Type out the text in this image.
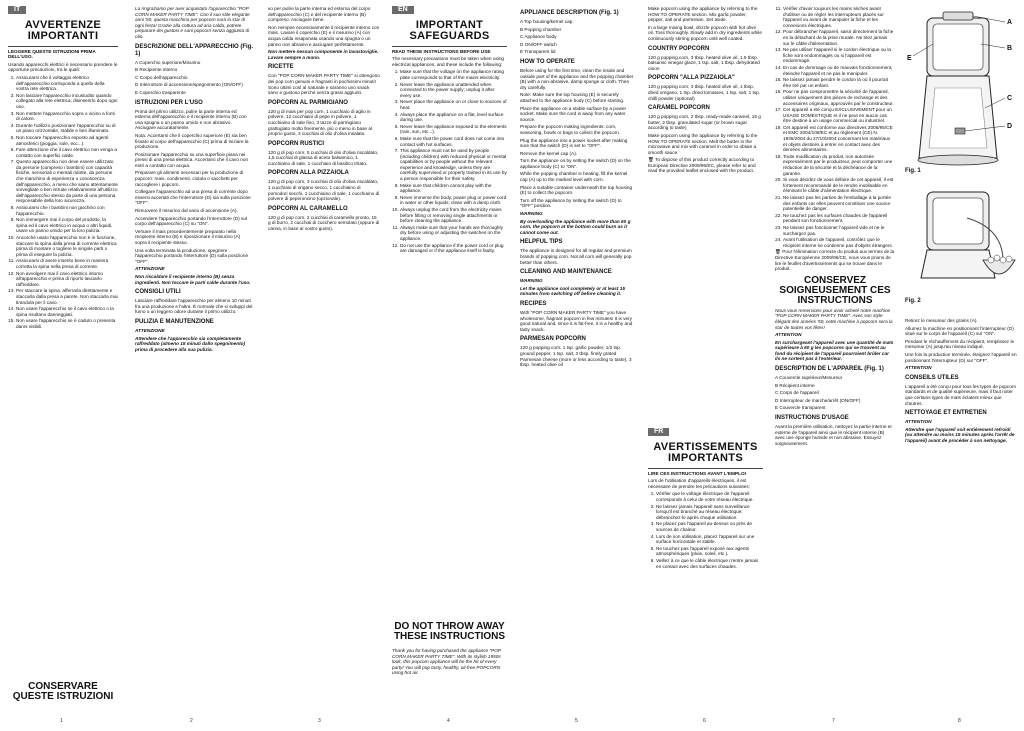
IT
AVVERTENZE IMPORTANTI

LEGGERE QUESTE ISTRUZIONI PRIMA DELL'USO.

Usando apparecchi elettrici è necessario prendere le opportune precauzioni, tra le quali:

1. Assicurarsi che il voltaggio elettrico dell'apparecchio corrisponda a quello della vostra rete elettrica.
2. Non lasciare l'apparecchio incustodito quando collegato alla rete elettrica; disinserirlo dopo ogni uso.
3. Non mettere l'apparecchio sopra o vicino a fonti di calore.
4. Durante l'utilizzo posizionare l'apparecchio su di un piano orizzontale, stabile e ben illuminato.
5. Non toccare l'apparecchio esposto ad agenti atmosferici (pioggia, sole, ecc...).
6. Fare attenzione che il cavo elettrico non venga a contatto con superfici calde.
7. Questo apparecchio non deve essere utilizzato da persone (compreso i bambini) con capacità fisiche, sensoriali o mentali ridotte, da persone che manchino di esperienza o conoscenza dell'apparecchio, a meno che siano attentamente sorvegliate o ben istruite relativamente all'utilizzo dell'apparecchio stesso da parte di una persona responsabile della loro sicurezza.
8. Assicurarsi che i bambini non giochino con l'apparecchio.
9. Non immergere mai il corpo del prodotto, la spina ed il cavo elettrico in acqua o altri liquidi, usare un panno umido per la loro pulizia.
10. Ancorché usato l'apparecchio non è in funzione, staccare la spina dalla presa di corrente elettrica prima di montare o togliere le singole parti o prima di eseguire la pulizia.
11. Assicurarsi di avere inserito bene in maniera corretta la spina nella presa di corrente.
12. Non avvolgere mai il cavo elettrico intorno all'apparecchio e prima di riporlo lasciarlo raffreddare.
13. Per staccare la spina, afferrarla direttamente e staccarla dalla presa a parete. Non staccarla mai tirandola per il cavo.
14. Non usare l'apparecchio se il cavo elettrico o la spina risultano danneggiati.
15. Non usare l'apparecchio se è caduto o presenta danni visibili.
CONSERVARE QUESTE ISTRUZIONI
1

La ringraziamo per aver acquistato l'apparecchio "POP CORN MAKER PARTY TIME". Con il suo stile elegante anni '50, questa macchina per popcorn sarà la star di ogni festa! Grazie alla cottura ad aria calda, potrete preparare dei gustosi e sani popcorn senza aggiunta di olio.

DESCRIZIONE DELL'APPARECCHIO (Fig. 1)
A Coperchio superiore/Misurino
B Recipiente interno
C Corpo dell'apparecchio
D Interruttore di accensione/spegnimento (ON/OFF)
E Coperchio trasparente
ISTRUZIONI PER L'USO

Prima del primo utilizzo, pulire la parte interna ed esterna dell'apparecchio e il recipiente interno (B) con una spugna o un panno umido e non abrasivo. Asciugare accuratamente.

Nota: Accertarsi che il coperchio superiore (E) sia ben fissato al corpo dell'apparecchio (C) prima di iniziare la produzione.

Posizionare l'apparecchio su una superficie piana nei pressi di una presa elettrica. Accertarsi che il cavo non entri a contatto con acqua.

Preparare gli alimenti necessari per la produzione di popcorn: mais, condimenti, ciotola o sacchetti per raccogliere i popcorn.

Collegare l'apparecchio ad una presa di corrente dopo essersi accertati che l'interruttore (D) sia sulla posizione "OFF".

Rimuovere il misurino dal vano di accensione (A).

Accendere l'apparecchio portando l'interruttore (D) sul corpo dell'apparecchio (C) su "ON".

Versare il mais precedentemente preparato nella recipiente interno (B) e riposizionare il misurino (A) sopra il recipiente stesso.

Una volta terminata la produzione, spegnere l'apparecchio portando l'interruttore (D) sulla posizione "OFF".

ATTENZIONE

Non riscaldare il recipiente interno (B) senza ingredienti. Non toccare le parti calde durante l'uso.

CONSIGLI UTILI

Lasciare raffreddare l'apparecchio per almeno 10 minuti fra una produzione e l'altra. È normale che si sviluppi del fumo o un leggero odore durante il primo utilizzo.

PULIZIA E MANUTENZIONE

ATTENZIONE

Attendere che l'apparecchio sia completamente raffreddato (almeno 15 minuti dallo spegnimento) prima di procedere alla sua pulizia.

2

vo per pulire la parte interna ed esterna del corpo dell'apparecchio (C) e del recipiente interno (B) compreso. Asciugare bene.

Non riempire eccessivamente il recipiente interno con mais. Lavare il coperchio (E) e il misurino (A) con acqua calda insaponata usando una spugna o un panno non abrasivi e asciugare perfettamente.

Non mettere nessun componente in lavastoviglie. Lavare sempre a mano.

RICETTE

Con "POP CORN MAKER PARTY TIME" si ottengono dei pop corn genuini e fragranti in pochissimi minuti! Sono ottimi così al naturale e saranno uno snack sano e gustoso perché senza grassi aggiunti.

POPCORN AL PARMIGIANO

120 g di mais per pop corn, 1 cucchiaio di aglio in polvere, 12 cucchiaini di pepe in polvere, 1 cucchiaino di sale fino, 3 tazze di parmigiano grattugiato molto finemente, più o meno in base al proprio gusto, 3 cucchiai di olio d'oliva insalato.

POPCORN RUSTICI

120 g di pop corn, 5 cucchiai di olio d'oliva riscaldato, 1,5 cucchiai di glassa di aceto balsamico, 1 cucchiaino di sale, 1 cucchiaio di basilico tritato.

POPCORN ALLA PIZZAIOLA

120 g di pop corn, 3 cucchiai di olio d'oliva riscaldato, 1 cucchiaio di origano secco, 1 cucchiaino di pomodori secchi, 1 cucchiaino di sale, 1 cucchiaino di polvere di peperoncino (opzionale).

POPCORN AL CARAMELLO

120 g di pop corn, 2 cucchiai di caramello pronto, 15 g di burro, 2 cucchiai di zucchero semolato (oppure di canna, in base al vostro gusto).

3
EN
IMPORTANT SAFEGUARDS

READ THESE INSTRUCTIONS BEFORE USE

The necessary precautions must be taken when using electrical appliances, and these include the following:

1. Make sure that the voltage on the appliance rating plate corresponds to that of the mains electricity.
2. Never leave the appliance unattended when connected to the power supply; unplug it after every use.
3. Never place the appliance on or close to sources of heat.
4. Always place the appliance on a flat, level surface during use.
5. Never leave the appliance exposed to the elements (rain, sun, etc...).
6. Make sure that the power cord does not come into contact with hot surfaces.
7. This appliance must not be used by people (including children) with reduced physical or mental capabilities or by people without the relevant experience and knowledge, unless they are carefully supervised or properly trained in its use by a person responsible for their safety.
8. Make sure that children cannot play with the appliance.
9. Never immerse the body, power plug or power cord in water or other liquids; clean with a damp cloth.
10. Always unplug the cord from the electricity mains before fitting or removing single attachments or before cleaning the appliance.
11. Always make sure that your hands are thoroughly dry before using or adjusting the switches on the appliance.
12. Do not use the appliance if the power cord or plug are damaged or if the appliance itself is faulty.
DO NOT THROW AWAY THESE INSTRUCTIONS

Thank you for having purchased the appliance "POP CORN MAKER PARTY TIME". With its stylish 1950s look, this popcorn appliance will be the hit of every party! You will pop tasty, healthy, oil-free POPCORN using hot air.

4
APPLIANCE DESCRIPTION (Fig. 1)
A Top housing/kernel cap
B Popping chamber
C Appliance body
D ON/OFF switch
E Transparent lid
HOW TO OPERATE

Before using for the first time, clean the inside and outside part of the appliance and the popping chamber (B) with a non-abrasive, damp sponge or cloth. Then dry carefully.

Note: Make sure the top housing (E) is securely attached to the appliance body (C) before starting.

Place the appliance on a stable surface by a power socket. Make sure the cord is away from any water source.

Prepare the popcorn making ingredients: corn, seasoning, bowls or bags to collect the popcorn.

Plug the appliance into a power socket after making sure that the switch (D) is set to "OFF".

Remove the kernel cap (A).

Turn the appliance on by setting the switch (D) on the appliance body (C) to "ON".

While the popping chamber is heating, fill the kernel cap (A) up to the marked level with corn.

Place a suitable container underneath the top housing (E) to collect the popcorn.

Turn off the appliance by setting the switch (D) to "OFF" position.

WARNING

By overloading the appliance with more than 60 g corn, the popcorn at the bottom could burn as it cannot come out.

HELPFUL TIPS

The appliance is designed for all regular and premium brands of popping corn. Not all corn will generally pop better than others.

CLEANING AND MAINTENANCE

WARNING

Let the appliance cool completely or at least 15 minutes from switching off before cleaning it.

RECIPES

With "POP CORN MAKER PARTY TIME" you have wholesome, fragrant popcorn in few minutes! It is very good natural and, since it is fat-free, it is a healthy and tasty snack.

PARMESAN POPCORN

120 g popping corn, 1 tsp. garlic powder, 1/2 tsp. ground pepper, 1 tsp. salt, 3 tbsp. finely grated Parmesan cheese (more or less according to taste), 3 tbsp. heated olive oil

5

Make popcorn using the appliance by referring to the HOW TO OPERATE section. Mix garlic powder, pepper, salt and parmesan. Set aside.

In a large mixing bowl, drizzle popcorn with hot olive oil. Toss thoroughly. Slowly add in dry ingredients while continuously stirring popcorn until well coated.

COUNTRY POPCORN

120 g popping corn, 3 tbsp. heated olive oil, 1.5 tbsp. balsamic vinegar glaze, 1 tsp. salt, 1 tbsp. dehydrated onion

POPCORN "ALLA PIZZAIOLA"

120 g popping corn, 3 tbsp. heated olive oil, 1 tbsp. dried oregano, 1 tsp. dried tomatoes, 1 tsp. salt, 1 tsp. chilli powder (optional)

CARAMEL POPCORN

120 g popping corn, 2 tbsp. ready-made caramel, 15 g butter, 2 tbsp. granulated sugar (or brown sugar according to taste)

Make popcorn using the appliance by referring to the HOW TO OPERATE section. Melt the butter in the microwave and mix with caramel in order to obtain a smooth sauce.

🗑 To dispose of this product correctly according to European Directive 2009/96/EC, please refer to and read the provided leaflet enclosed with the product.

FR
AVERTISSEMENTS IMPORTANTS

LIRE CES INSTRUCTIONS AVANT L'EMPLOI

Lors de l'utilisation d'appareils électriques, il est nécessaire de prendre les précautions suivantes:

1. Vérifier que le voltage électrique de l'appareil corresponde à celui de votre réseau électrique.
2. Ne laissez jamais l'appareil sans surveillance lorsqu'il est branché au réseau électrique; débranchez-le après chaque utilisation.
3. Ne placez pas l'appareil au-dessus ou près de sources de chaleur.
4. Lors de son utilisation, placez l'appareil sur une surface horizontale et stable.
5. Ne touchez pas l'appareil exposé aux agents atmosphériques (pluie, soleil, etc.).
6. Veillez à ce que le câble électrique n'entre jamais en contact avec des surfaces chaudes.
6
11. Vérifier d'avoir toujours les mains sèches avant d'utiliser ou de régler les interrupteurs placés sur l'appareil ou avant de manipuler la fiche et les connexions électriques.
12. Pour débrancher l'appareil, saisir directement la fiche en la détachant de la prise murale. Ne tirez jamais sur le câble d'alimentation.
13. Ne pas utiliser l'appareil si le cordon électrique ou la fiche sont endommagés ou si l'appareil est endommagé.
14. En cas de dommage ou de mauvais fonctionnement, éteindre l'appareil et ne pas le manipuler.
15. Ne laissez jamais pendre le cordon là où il pourrait être tiré par un enfant.
16. Pour ne pas compromettre la sécurité de l'appareil, utiliser uniquement des pièces de rechange et des accessoires originaux, approuvés par le constructeur.
17. Cet appareil a été conçu EXCLUSIVEMENT pour un USAGE DOMESTIQUE et il ne peut en aucun cas être destiné à un usage commercial ou industriel.
18. Cet appareil est conforme aux directives 2006/95/CE et EMC 2004/108/EC et au règlement (CE) N. 1935/2004 du 27/10/2004 concernant les matériaux et objets destinés à entrer en contact avec des denrées alimentaires.
19. Toute modification du produit, non autorisée expressément par le producteur, peut comporter une réduction de la sécurité et la déchéance de la garantie.
20. Si vous décidez de vous défaire de cet appareil, il est fortement recommandé de le rendre inutilisable en éliminant le câble d'alimentation électrique.
21. Ne laissez pas les parties de l'emballage à la portée des enfants car elles peuvent constituer une source potentielle de danger.
22. Ne touchez pas les surfaces chaudes de l'appareil pendant son fonctionnement.
23. Ne laissez pas fonctionner l'appareil vide et ne le surchargez pas.
24. Avant l'utilisation de l'appareil, contrôlez que le récipient interne ne contienne pas d'objets étrangers.

🗑 Pour l'élimination correcte du produit aux termes de la Directive Européenne 2009/96/CE, nous vous prions de lire le feuillet d'avertissements qui se trouve dans le produit.

CONSERVEZ SOIGNEUSEMENT CES INSTRUCTIONS

Nous vous remercions pour avoir acheté notre machine "POP CORN MAKER PARTY TIME". Avec son style élégant des années '50, cette machine à popcorn sera la star de toutes vos fêtes!

ATTENTION

En surchargeant l'appareil avec une quantité de maïs supérieure à 60 g les popcorns qui se trouvent au fond du récipient de l'appareil pourraient brûler car ils ne sortent pas à l'extérieur.

DESCRIPTION DE L'APPAREIL (Fig. 1)
A Couvercle supérieur/Mesureur
B Récipient interne
C Corps de l'appareil
D Interrupteur de marche/arrêt (ON/OFF)
E Couvercle transparent
INSTRUCTIONS D'USAGE

Avant la première utilisation, nettoyez la partie interne et externe de l'appareil ainsi que le récipient interne (B) avec une éponge humide et non abrasive. Essuyez soigneusement.

7
A
B
E
C
D
Fig. 1
Fig. 2

Retirez le mesureur des grains (A).

Allumez la machine en positionnant l'interrupteur (D) situé sur le corps de l'appareil (C) sur "ON".

Pendant le réchauffement du récipient, remplissez le mesureur (A) jusqu'au niveau indiqué.

Une fois la production terminée, éteignez l'appareil en positionnant l'interrupteur (D) sur "OFF".

ATTENTION

CONSEILS UTILES

L'appareil a été conçu pour tous les types de popcorn standards et de qualité supérieure, mais il faut noter que certains types de maïs éclatent mieux que d'autres.

NETTOYAGE ET ENTRETIEN

ATTENTION

Attendre que l'appareil soit entièrement refroidi (ou attendre au moins 15 minutes après l'arrêt de l'appareil) avant de procéder à son nettoyage.

8
